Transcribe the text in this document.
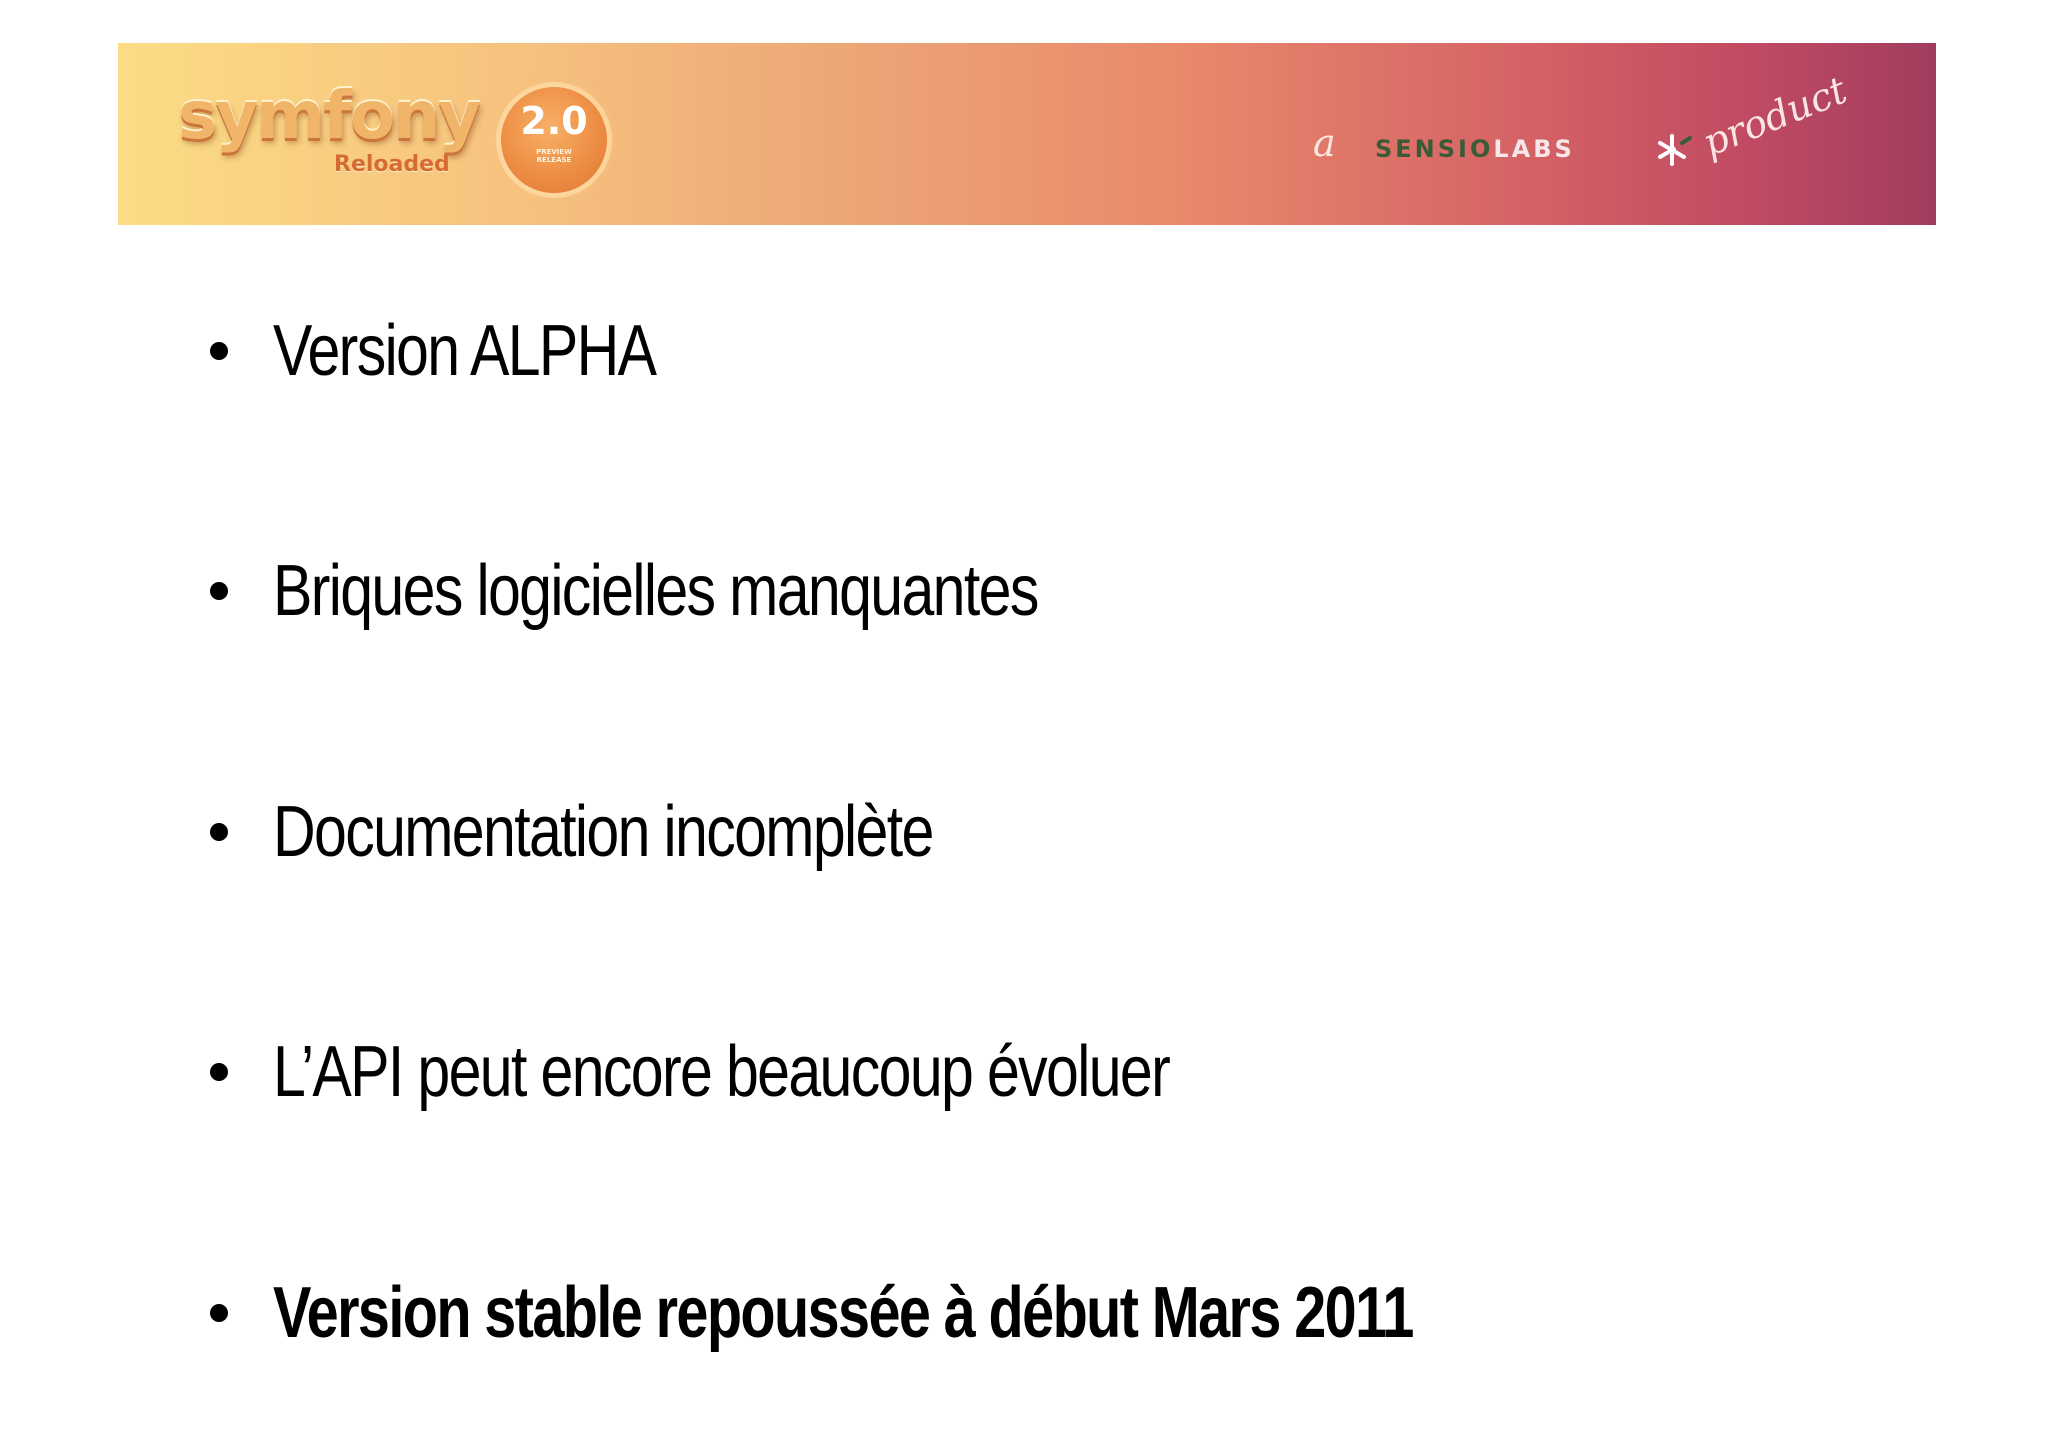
symfony
Reloaded
2.0
PREVIEW RELEASE	a SENSIOLABS	product
Version ALPHA
Briques logicielles manquantes
Documentation incomplète
L’API peut encore beaucoup évoluer
Version stable repoussée à début Mars 2011
